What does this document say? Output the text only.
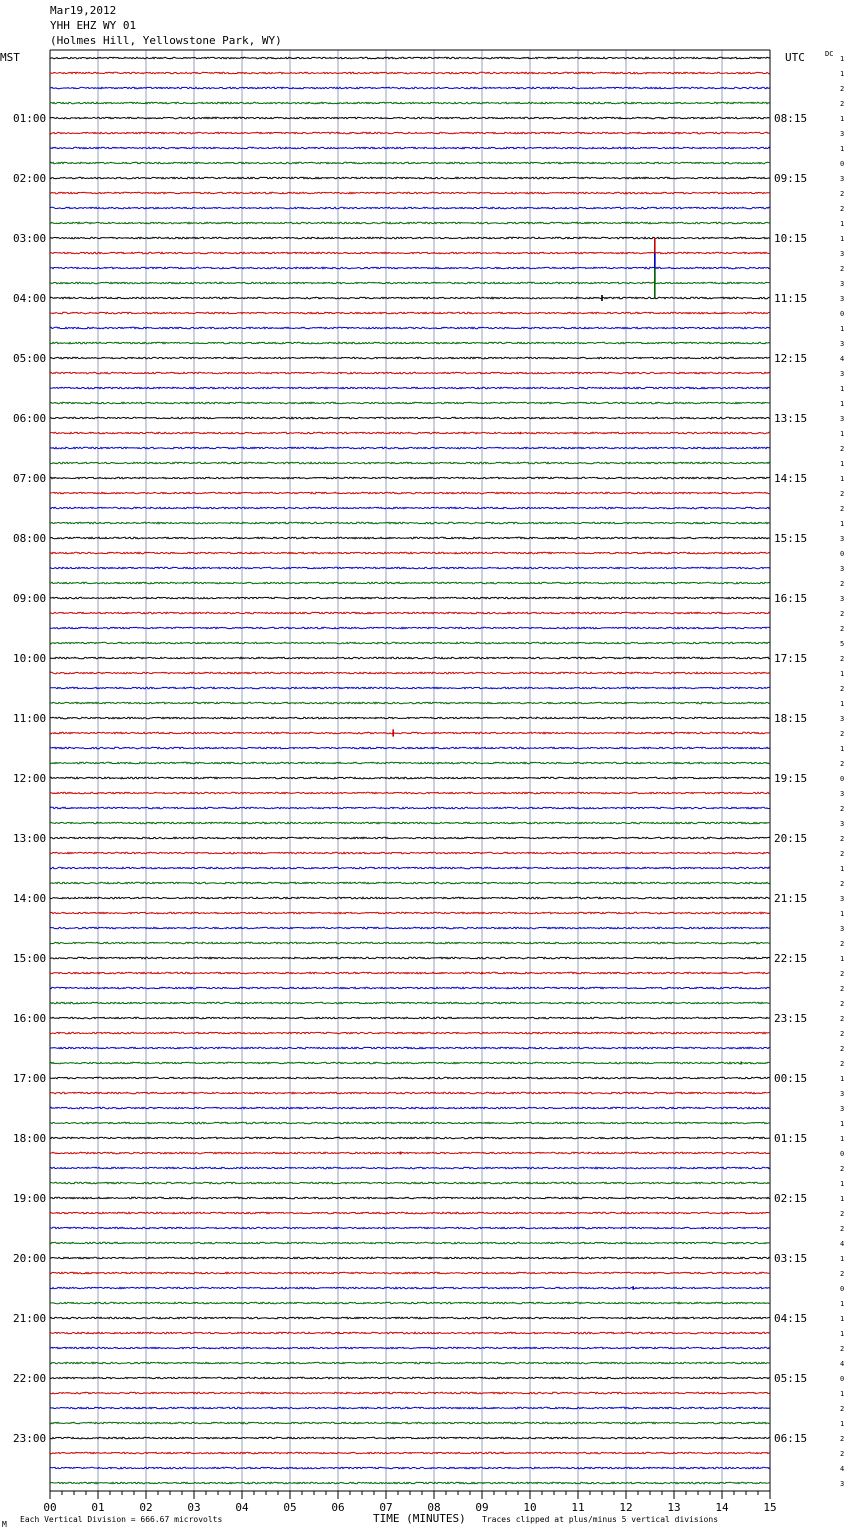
Mar19,2012
YHH EHZ WY 01
(Holmes Hill, Yellowstone Park, WY)
01:00
02:00
03:00
04:00
05:00
06:00
07:00
08:00
09:00
10:00
11:00
12:00
13:00
14:00
15:00
16:00
17:00
18:00
19:00
20:00
21:00
22:00
23:00
08:15
09:15
10:15
11:15
12:15
13:15
14:15
15:15
16:15
17:15
18:15
19:15
20:15
21:15
22:15
23:15
00:15
01:15
02:15
03:15
04:15
05:15
06:15
1
1
2
2
1
3
1
0
3
2
2
1
1
3
2
3
3
0
1
3
4
3
1
1
3
1
2
1
1
2
2
1
3
0
3
2
3
2
2
5
2
1
2
1
3
2
1
2
0
3
2
3
2
2
1
2
3
1
3
2
1
2
2
2
2
2
2
2
1
3
3
1
1
0
2
1
1
2
2
4
1
2
0
1
1
1
2
4
0
1
2
1
2
2
4
3
00	01	02	03	04	05	06	07	08	09	10	11	12	13	14	15
MST	UTC	DC
TIME (MINUTES)
Each Vertical Division = 666.67 microvolts	Traces clipped at plus/minus 5 vertical divisions
M
